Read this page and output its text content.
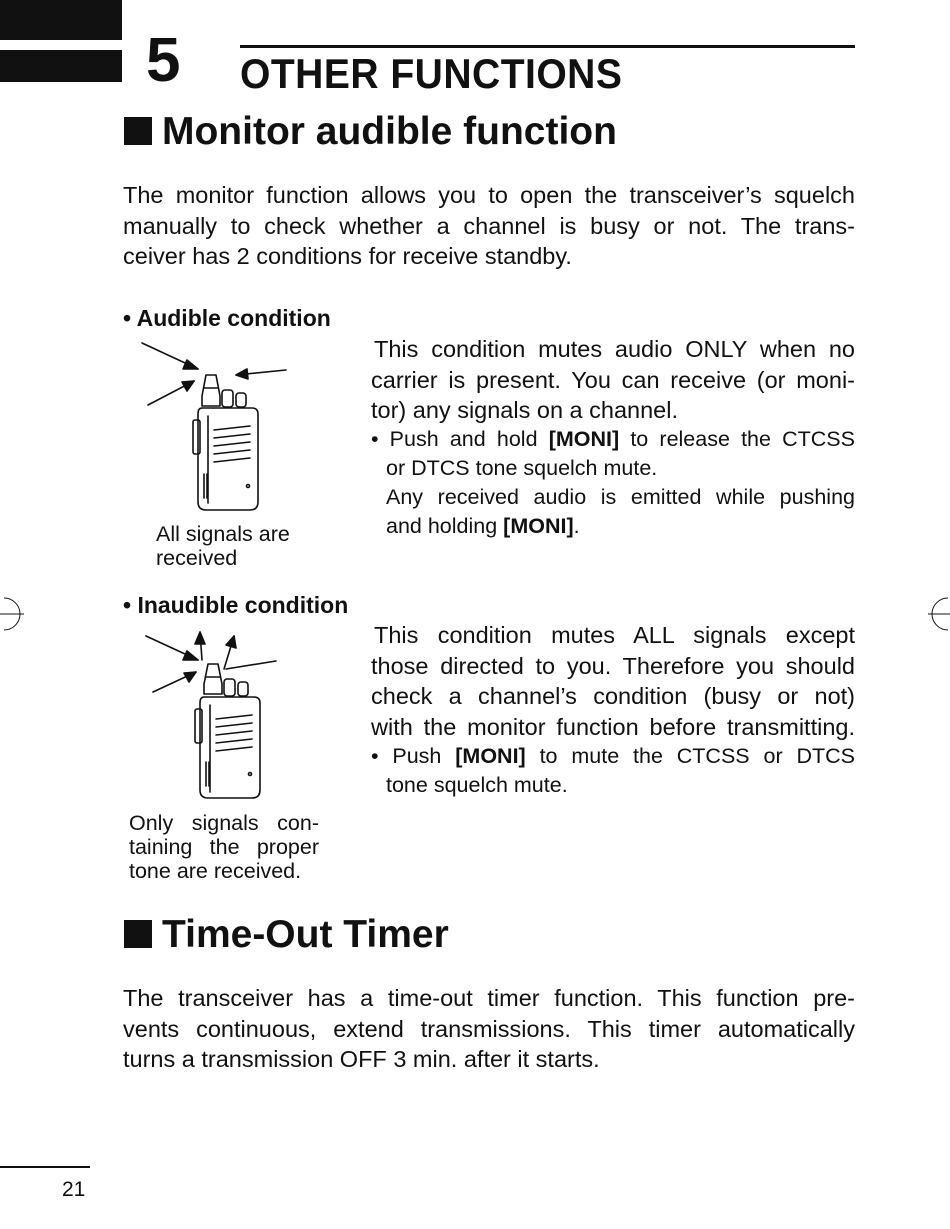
5 OTHER FUNCTIONS
Monitor audible function
The monitor function allows you to open the transceiver’s squelch
manually to check whether a channel is busy or not. The trans-
ceiver has 2 conditions for receive standby.
• Audible condition
All signals are
received
This condition mutes audio ONLY when no
carrier is present. You can receive (or moni-
tor) any signals on a channel.
• Push and hold [MONI] to release the CTCSS
or DTCS tone squelch mute.
Any received audio is emitted while pushing
and holding [MONI].
• Inaudible condition
Only signals con-
taining the proper
tone are received.
This condition mutes ALL signals except
those directed to you. Therefore you should
check a channel’s condition (busy or not)
with the monitor function before transmitting.
• Push [MONI] to mute the CTCSS or DTCS
tone squelch mute.
Time-Out Timer
The transceiver has a time-out timer function. This function pre-
vents continuous, extend transmissions. This timer automatically
turns a transmission OFF 3 min. after it starts.
21
